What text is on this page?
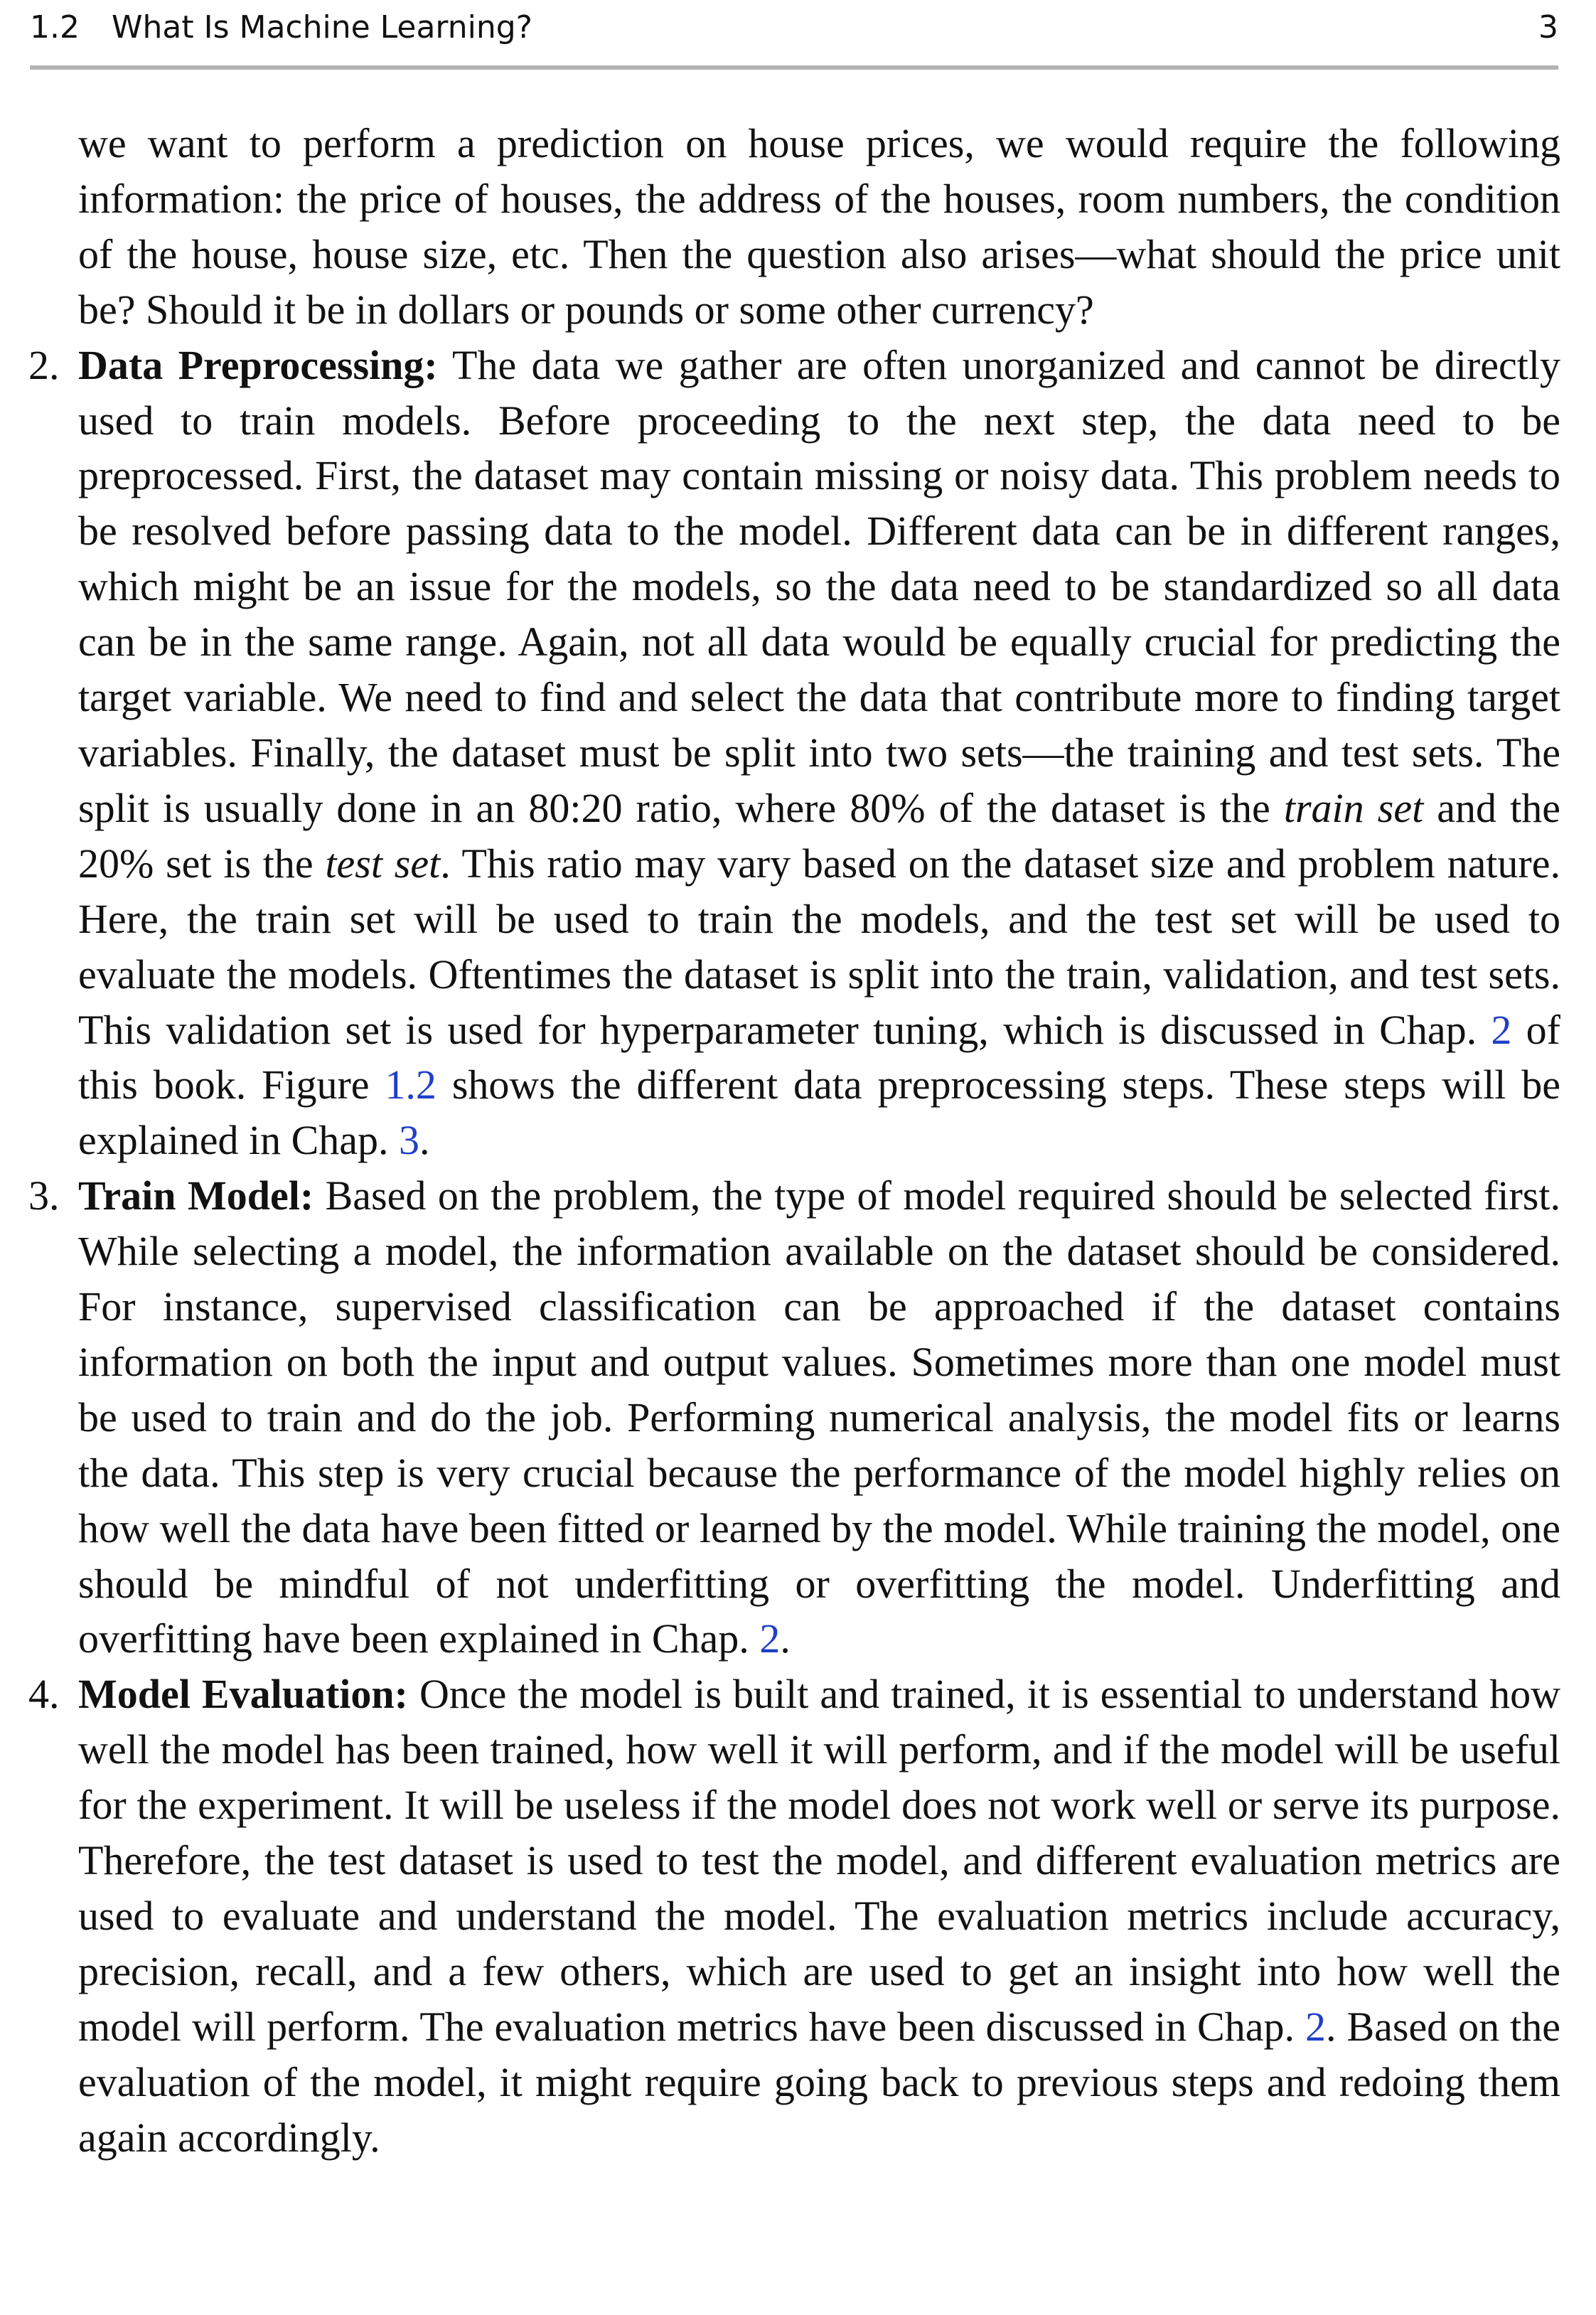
1.2 What Is Machine Learning?	3

we want to perform a prediction on house prices, we would require the following information: the price of houses, the address of the houses, room numbers, the condition of the house, house size, etc. Then the question also arises—what should the price unit be? Should it be in dollars or pounds or some other currency?

2. Data Preprocessing: The data we gather are often unorganized and cannot be directly used to train models. Before proceeding to the next step, the data need to be preprocessed. First, the dataset may contain missing or noisy data. This problem needs to be resolved before passing data to the model. Different data can be in different ranges, which might be an issue for the models, so the data need to be standardized so all data can be in the same range. Again, not all data would be equally crucial for predicting the target variable. We need to find and select the data that contribute more to finding target variables. Finally, the dataset must be split into two sets—the training and test sets. The split is usually done in an 80:20 ratio, where 80% of the dataset is the train set and the 20% set is the test set. This ratio may vary based on the dataset size and problem nature. Here, the train set will be used to train the models, and the test set will be used to evaluate the models. Oftentimes the dataset is split into the train, validation, and test sets. This validation set is used for hyperparameter tuning, which is discussed in Chap. 2 of this book. Figure 1.2 shows the different data preprocessing steps. These steps will be explained in Chap. 3.

3. Train Model: Based on the problem, the type of model required should be selected first. While selecting a model, the information available on the dataset should be considered. For instance, supervised classification can be approached if the dataset contains information on both the input and output values. Sometimes more than one model must be used to train and do the job. Performing numerical analysis, the model fits or learns the data. This step is very crucial because the performance of the model highly relies on how well the data have been fitted or learned by the model. While training the model, one should be mindful of not underfitting or overfitting the model. Underfitting and overfitting have been explained in Chap. 2.

4. Model Evaluation: Once the model is built and trained, it is essential to understand how well the model has been trained, how well it will perform, and if the model will be useful for the experiment. It will be useless if the model does not work well or serve its purpose. Therefore, the test dataset is used to test the model, and different evaluation metrics are used to evaluate and understand the model. The evaluation metrics include accuracy, precision, recall, and a few others, which are used to get an insight into how well the model will perform. The evaluation metrics have been discussed in Chap. 2. Based on the evaluation of the model, it might require going back to previous steps and redoing them again accordingly.
